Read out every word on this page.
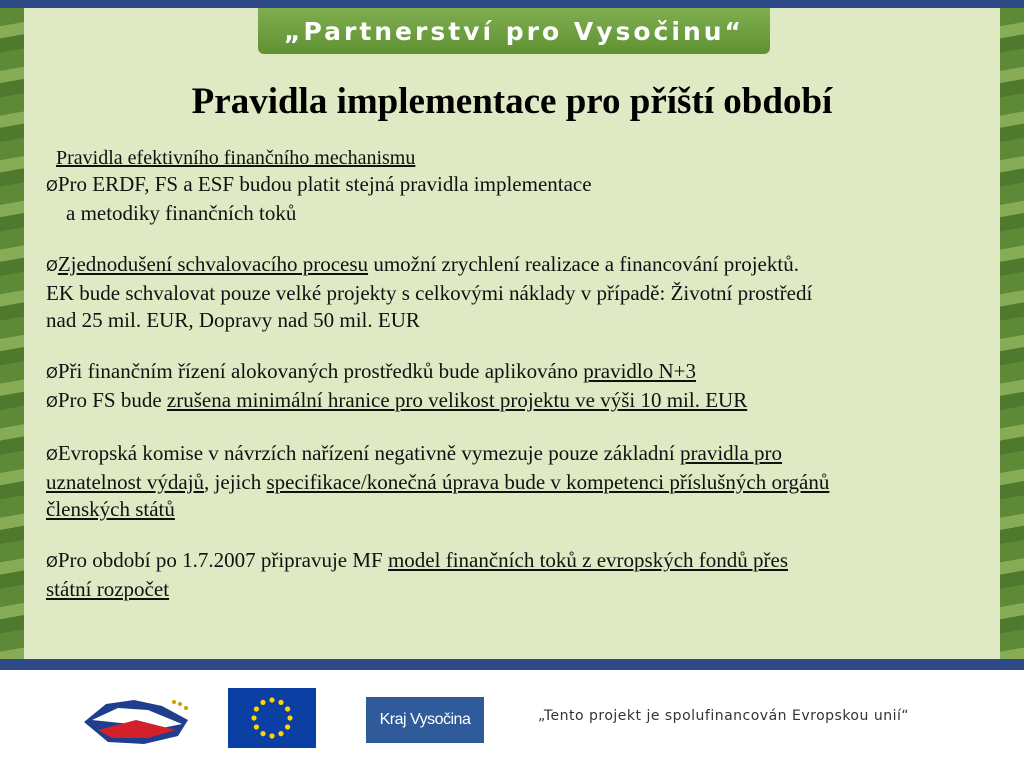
„Partnerství pro Vysočinu“
Pravidla implementace pro příští období
Pravidla efektivního finančního mechanismu
ØPro ERDF, FS a ESF budou platit stejná pravidla implementace
a metodiky finančních toků
ØZjednodušení schvalovacího procesu umožní zrychlení realizace a financování projektů.
EK bude schvalovat pouze velké projekty s celkovými náklady v případě: Životní prostředí
nad 25 mil. EUR, Dopravy nad 50 mil. EUR
ØPři finančním řízení alokovaných prostředků bude aplikováno pravidlo N+3
ØPro FS bude zrušena minimální hranice pro velikost projektu ve výši 10 mil. EUR
ØEvropská komise v návrzích nařízení negativně vymezuje pouze základní pravidla pro
uznatelnost výdajů, jejich specifikace/konečná úprava bude v kompetenci příslušných orgánů
členských států
ØPro období po 1.7.2007 připravuje MF model finančních toků z evropských fondů přes
státní rozpočet
Kraj Vysočina	„Tento projekt je spolufinancován Evropskou unií“
